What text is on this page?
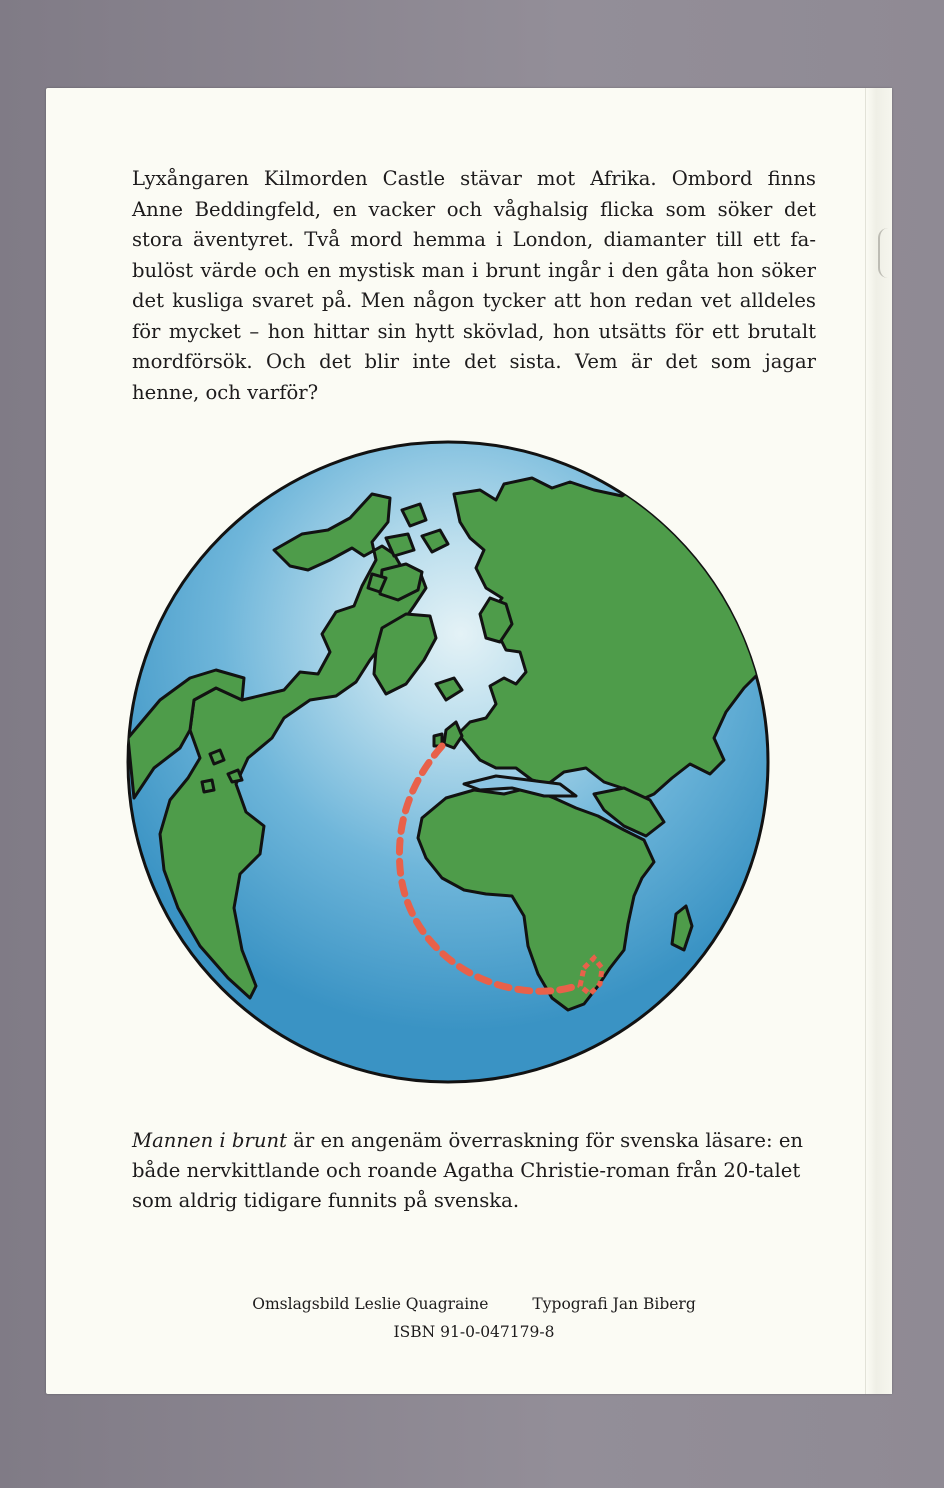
Lyxångaren Kilmorden Castle stävar mot Afrika. Ombord finns
Anne Beddingfeld, en vacker och våghalsig flicka som söker det
stora äventyret. Två mord hemma i London, diamanter till ett fa-
bulöst värde och en mystisk man i brunt ingår i den gåta hon söker
det kusliga svaret på. Men någon tycker att hon redan vet alldeles
för mycket – hon hittar sin hytt skövlad, hon utsätts för ett brutalt
mordförsök. Och det blir inte det sista. Vem är det som jagar
henne, och varför?
Mannen i brunt är en angenäm överraskning för svenska läsare: en
både nervkittlande och roande Agatha Christie-roman från 20-talet
som aldrig tidigare funnits på svenska.
Omslagsbild Leslie Quagraine	Typografi Jan Biberg
ISBN 91-0-047179-8
